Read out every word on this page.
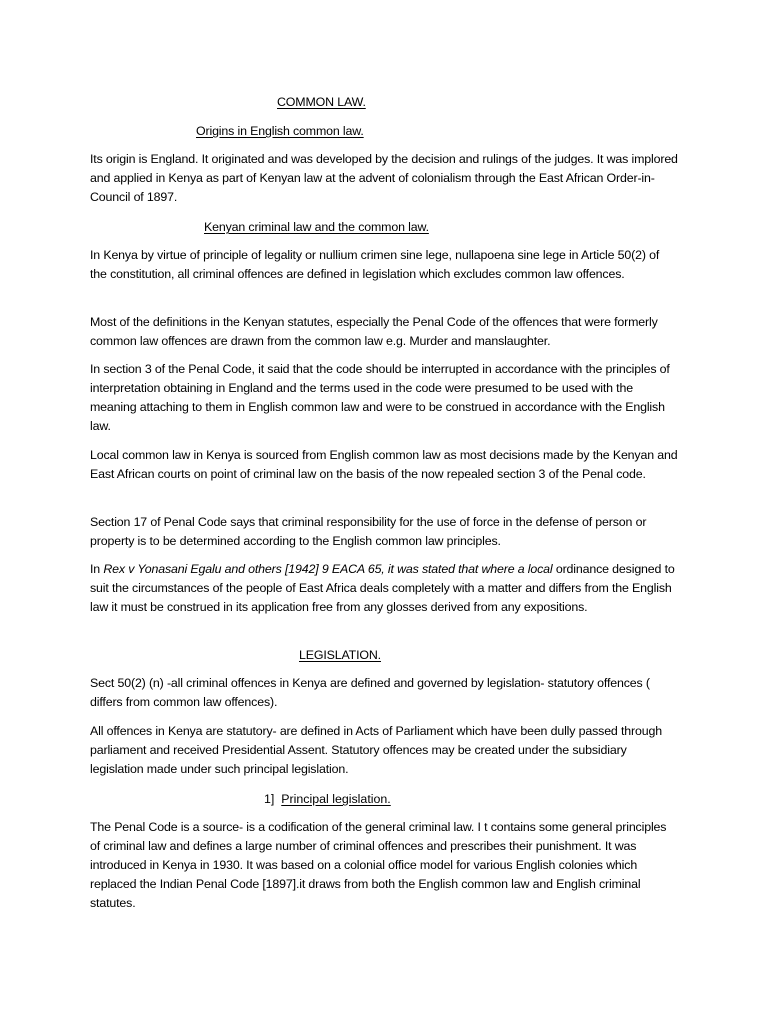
COMMON LAW.

Origins in English common law.

Its origin is England. It originated and was developed by the decision and rulings of the judges. It was implored and applied in Kenya as part of Kenyan law at the advent of colonialism through the East African Order-in-Council of 1897.

Kenyan criminal law and the common law.

In Kenya by virtue of principle of legality or nullium crimen sine lege, nullapoena sine lege in Article 50(2) of the constitution, all criminal offences are defined in legislation which excludes common law offences.

Most of the definitions in the Kenyan statutes, especially the Penal Code of the offences that were formerly common law offences are drawn from the common law e.g. Murder and manslaughter.

In section 3 of the Penal Code, it said that the code should be interrupted in accordance with the principles of interpretation obtaining in England and the terms used in the code were presumed to be used with the meaning attaching to them in English common law and were to be construed in accordance with the English law.

Local common law in Kenya is sourced from English common law as most decisions made by the Kenyan and East African courts on point of criminal law on the basis of the now repealed section 3 of the Penal code.

Section 17 of Penal Code says that criminal responsibility for the use of force in the defense of person or property is to be determined according to the English common law principles.

In Rex v Yonasani Egalu and others [1942] 9 EACA 65, it was stated that where a local ordinance designed to suit the circumstances of the people of East Africa deals completely with a matter and differs from the English law it must be construed in its application free from any glosses derived from any expositions.

LEGISLATION.

Sect 50(2) (n) -all criminal offences in Kenya are defined and governed by legislation- statutory offences ( differs from common law offences).

All offences in Kenya are statutory- are defined in Acts of Parliament which have been dully passed through parliament and received Presidential Assent. Statutory offences may be created under the subsidiary legislation made under such principal legislation.

1] Principal legislation.

The Penal Code is a source- is a codification of the general criminal law. I t contains some general principles of criminal law and defines a large number of criminal offences and prescribes their punishment. It was introduced in Kenya in 1930. It was based on a colonial office model for various English colonies which replaced the Indian Penal Code [1897].it draws from both the English common law and English criminal statutes.
